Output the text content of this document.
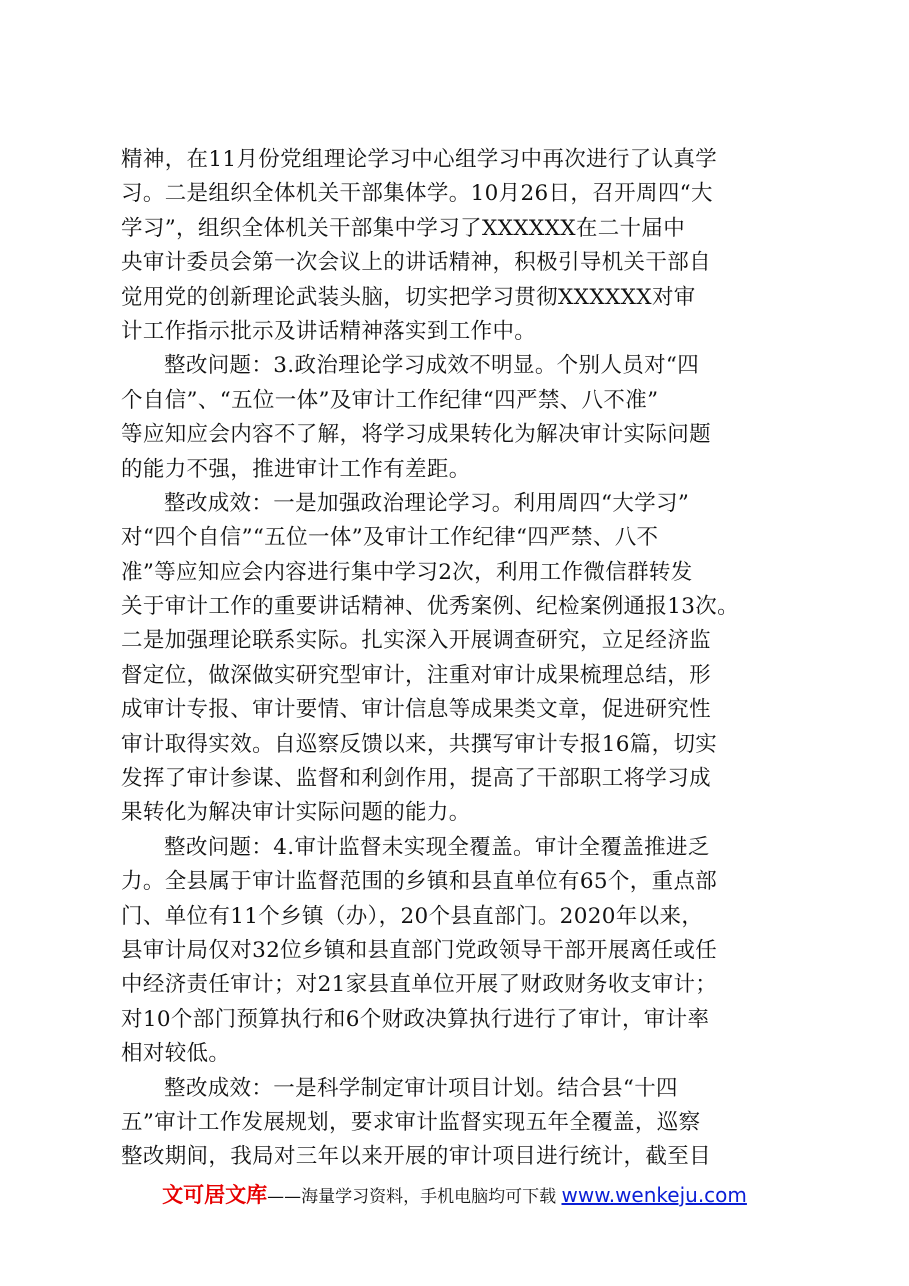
精神，在11月份党组理论学习中心组学习中再次进行了认真学
习。二是组织全体机关干部集体学。10月26日，召开周四“大
学习”，组织全体机关干部集中学习了XXXXXX在二十届中
央审计委员会第一次会议上的讲话精神，积极引导机关干部自
觉用党的创新理论武装头脑，切实把学习贯彻XXXXXX对审
计工作指示批示及讲话精神落实到工作中。
整改问题：3.政治理论学习成效不明显。个别人员对“四
个自信”、“五位一体”及审计工作纪律“四严禁、八不准”
等应知应会内容不了解，将学习成果转化为解决审计实际问题
的能力不强，推进审计工作有差距。
整改成效：一是加强政治理论学习。利用周四“大学习”
对“四个自信”“五位一体”及审计工作纪律“四严禁、八不
准”等应知应会内容进行集中学习2次，利用工作微信群转发
关于审计工作的重要讲话精神、优秀案例、纪检案例通报13次。
二是加强理论联系实际。扎实深入开展调查研究，立足经济监
督定位，做深做实研究型审计，注重对审计成果梳理总结，形
成审计专报、审计要情、审计信息等成果类文章，促进研究性
审计取得实效。自巡察反馈以来，共撰写审计专报16篇，切实
发挥了审计参谋、监督和利剑作用，提高了干部职工将学习成
果转化为解决审计实际问题的能力。
整改问题：4.审计监督未实现全覆盖。审计全覆盖推进乏
力。全县属于审计监督范围的乡镇和县直单位有65个，重点部
门、单位有11个乡镇（办），20个县直部门。2020年以来，
县审计局仅对32位乡镇和县直部门党政领导干部开展离任或任
中经济责任审计；对21家县直单位开展了财政财务收支审计；
对10个部门预算执行和6个财政决算执行进行了审计，审计率
相对较低。
整改成效：一是科学制定审计项目计划。结合县“十四
五”审计工作发展规划，要求审计监督实现五年全覆盖，巡察
整改期间，我局对三年以来开展的审计项目进行统计，截至目
文可居文库——海量学习资料，手机电脑均可下载 www.wenkeju.com
